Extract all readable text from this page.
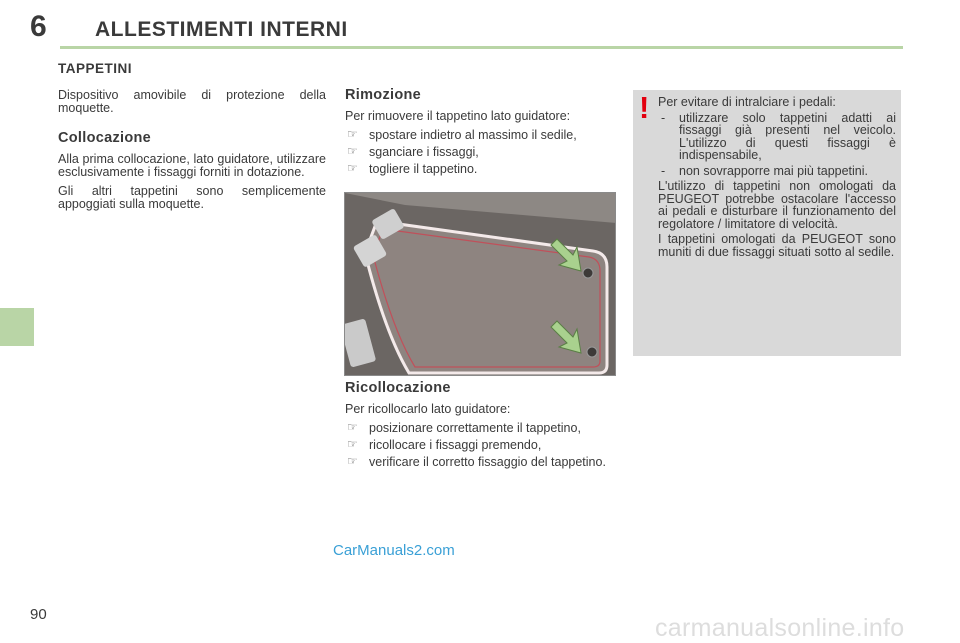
6 ALLESTIMENTI INTERNI
TAPPETINI

Dispositivo amovibile di protezione della moquette.

Collocazione

Alla prima collocazione, lato guidatore, utilizzare esclusivamente i fissaggi forniti in dotazione.

Gli altri tappetini sono semplicemente appoggiati sulla moquette.

Rimozione

Per rimuovere il tappetino lato guidatore:

☞ spostare indietro al massimo il sedile,
☞ sganciare i fissaggi,
☞ togliere il tappetino.
Ricollocazione

Per ricollocarlo lato guidatore:

☞ posizionare correttamente il tappetino,
☞ ricollocare i fissaggi premendo,
☞ verificare il corretto fissaggio del tappetino.
! Per evitare di intralciare i pedali:

- utilizzare solo tappetini adatti ai fissaggi già presenti nel veicolo. L'utilizzo di questi fissaggi è indispensabile,
- non sovrapporre mai più tappetini.

L'utilizzo di tappetini non omologati da PEUGEOT potrebbe ostacolare l'accesso ai pedali e disturbare il funzionamento del regolatore / limitatore di velocità.

I tappetini omologati da PEUGEOT sono muniti di due fissaggi situati sotto al sedile.

CarManuals2.com
90	carmanualsonline.info
